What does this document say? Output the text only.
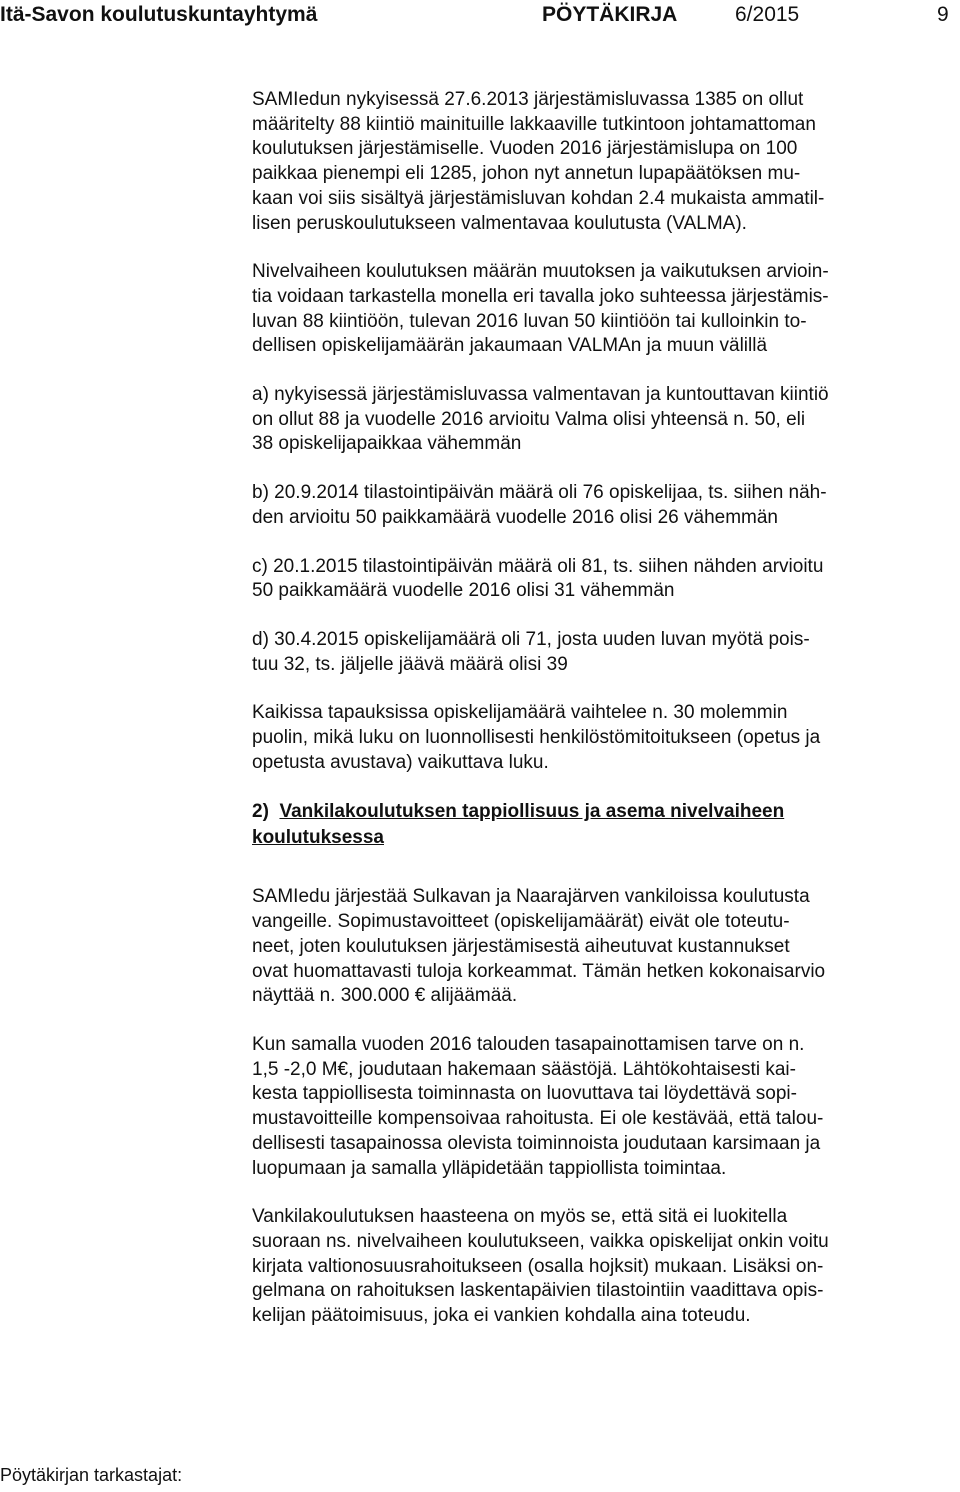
Itä-Savon koulutuskuntayhtymä	PÖYTÄKIRJA	6/2015	9
SAMIedun nykyisessä 27.6.2013 järjestämisluvassa 1385 on ollut
määritelty 88 kiintiö mainituille lakkaaville tutkintoon johtamattoman
koulutuksen järjestämiselle. Vuoden 2016 järjestämislupa on 100
paikkaa pienempi eli 1285, johon nyt annetun lupapäätöksen mu-
kaan voi siis sisältyä järjestämisluvan kohdan 2.4 mukaista ammatil-
lisen peruskoulutukseen valmentavaa koulutusta (VALMA).
Nivelvaiheen koulutuksen määrän muutoksen ja vaikutuksen arvioin-
tia voidaan tarkastella monella eri tavalla joko suhteessa järjestämis-
luvan 88 kiintiöön, tulevan 2016 luvan 50 kiintiöön tai kulloinkin to-
dellisen opiskelijamäärän jakaumaan VALMAn ja muun välillä
a) nykyisessä järjestämisluvassa valmentavan ja kuntouttavan kiintiö
on ollut 88 ja vuodelle 2016 arvioitu Valma olisi yhteensä n. 50, eli
38 opiskelijapaikkaa vähemmän
b) 20.9.2014 tilastointipäivän määrä oli 76 opiskelijaa, ts. siihen näh-
den arvioitu 50 paikkamäärä vuodelle 2016 olisi 26 vähemmän
c) 20.1.2015 tilastointipäivän määrä oli 81, ts. siihen nähden arvioitu
50 paikkamäärä vuodelle 2016 olisi 31 vähemmän
d) 30.4.2015 opiskelijamäärä oli 71, josta uuden luvan myötä pois-
tuu 32, ts. jäljelle jäävä määrä olisi 39
Kaikissa tapauksissa opiskelijamäärä vaihtelee n. 30 molemmin
puolin, mikä luku on luonnollisesti henkilöstömitoitukseen (opetus ja
opetusta avustava) vaikuttava luku.
2) Vankilakoulutuksen tappiollisuus ja asema nivelvaiheen
koulutuksessa
SAMIedu järjestää Sulkavan ja Naarajärven vankiloissa koulutusta
vangeille. Sopimustavoitteet (opiskelijamäärät) eivät ole toteutu-
neet, joten koulutuksen järjestämisestä aiheutuvat kustannukset
ovat huomattavasti tuloja korkeammat. Tämän hetken kokonaisarvio
näyttää n. 300.000 € alijäämää.
Kun samalla vuoden 2016 talouden tasapainottamisen tarve on n.
1,5 -2,0 M€, joudutaan hakemaan säästöjä. Lähtökohtaisesti kai-
kesta tappiollisesta toiminnasta on luovuttava tai löydettävä sopi-
mustavoitteille kompensoivaa rahoitusta. Ei ole kestävää, että talou-
dellisesti tasapainossa olevista toiminnoista joudutaan karsimaan ja
luopumaan ja samalla ylläpidetään tappiollista toimintaa.
Vankilakoulutuksen haasteena on myös se, että sitä ei luokitella
suoraan ns. nivelvaiheen koulutukseen, vaikka opiskelijat onkin voitu
kirjata valtionosuusrahoitukseen (osalla hojksit) mukaan. Lisäksi on-
gelmana on rahoituksen laskentapäivien tilastointiin vaadittava opis-
kelijan päätoimisuus, joka ei vankien kohdalla aina toteudu.
Pöytäkirjan tarkastajat:
